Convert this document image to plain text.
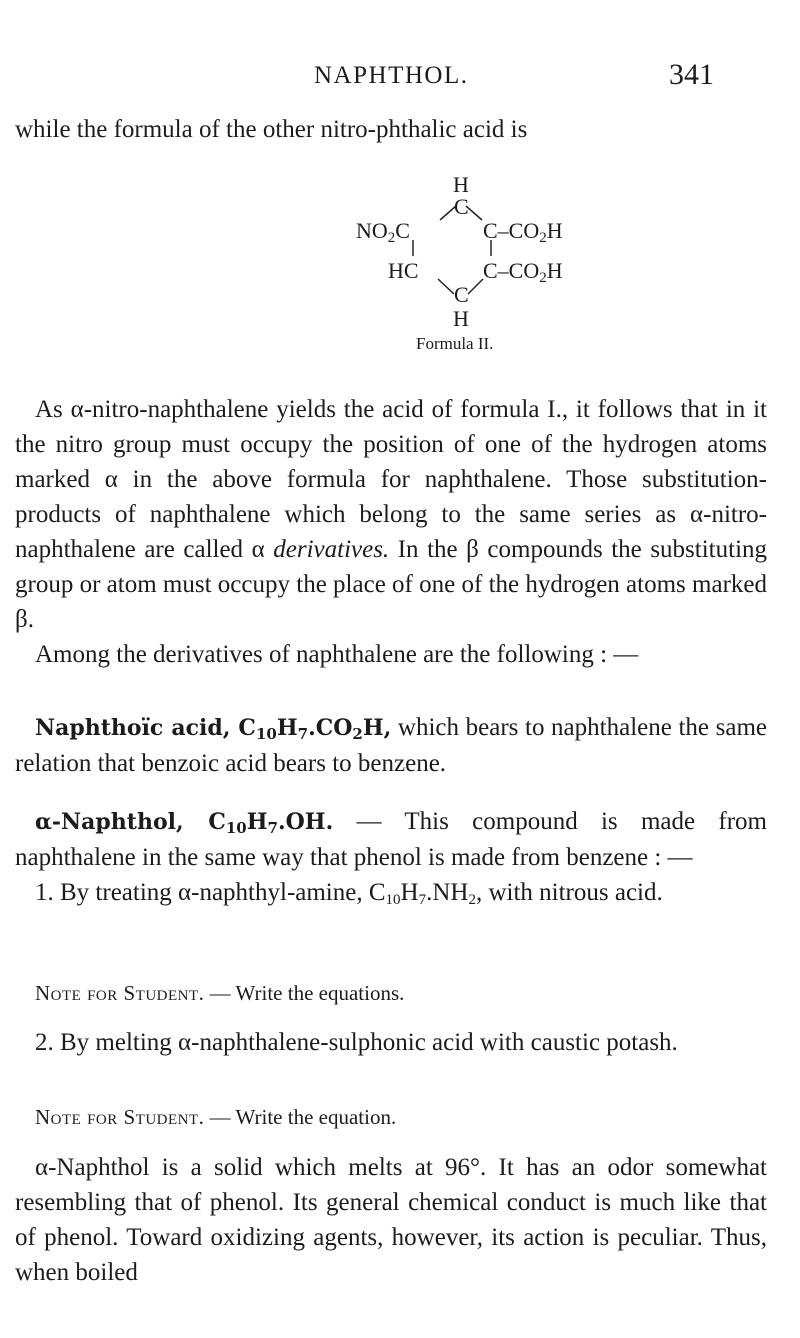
NAPHTHOL.	341
while the formula of the other nitro-phthalic acid is
H
C
$NO_2C$	$C-CO_2H$
HC	$C-CO_2H$
C
H
Formula II.

As α-nitro-naphthalene yields the acid of formula I., it follows that in it the nitro group must occupy the position of one of the hydrogen atoms marked α in the above formula for naphthalene. Those substitution-products of naphthalene which belong to the same series as α-nitro-naphthalene are called α derivatives. In the β compounds the substituting group or atom must occupy the place of one of the hydrogen atoms marked β.

Among the derivatives of naphthalene are the following : —

Naphthoïc acid, $C_{10}H_7.CO_2H$, which bears to naphthalene the same relation that benzoic acid bears to benzene.

α-Naphthol, $C_{10}H_7.OH$. — This compound is made from naphthalene in the same way that phenol is made from benzene : —

1. By treating α-naphthyl-amine, $C_{10}H_7.NH_2$, with nitrous acid.

Note for Student. — Write the equations.

2. By melting α-naphthalene-sulphonic acid with caustic potash.

Note for Student. — Write the equation.

α-Naphthol is a solid which melts at 96°. It has an odor somewhat resembling that of phenol. Its general chemical conduct is much like that of phenol. Toward oxidizing agents, however, its action is peculiar. Thus, when boiled
